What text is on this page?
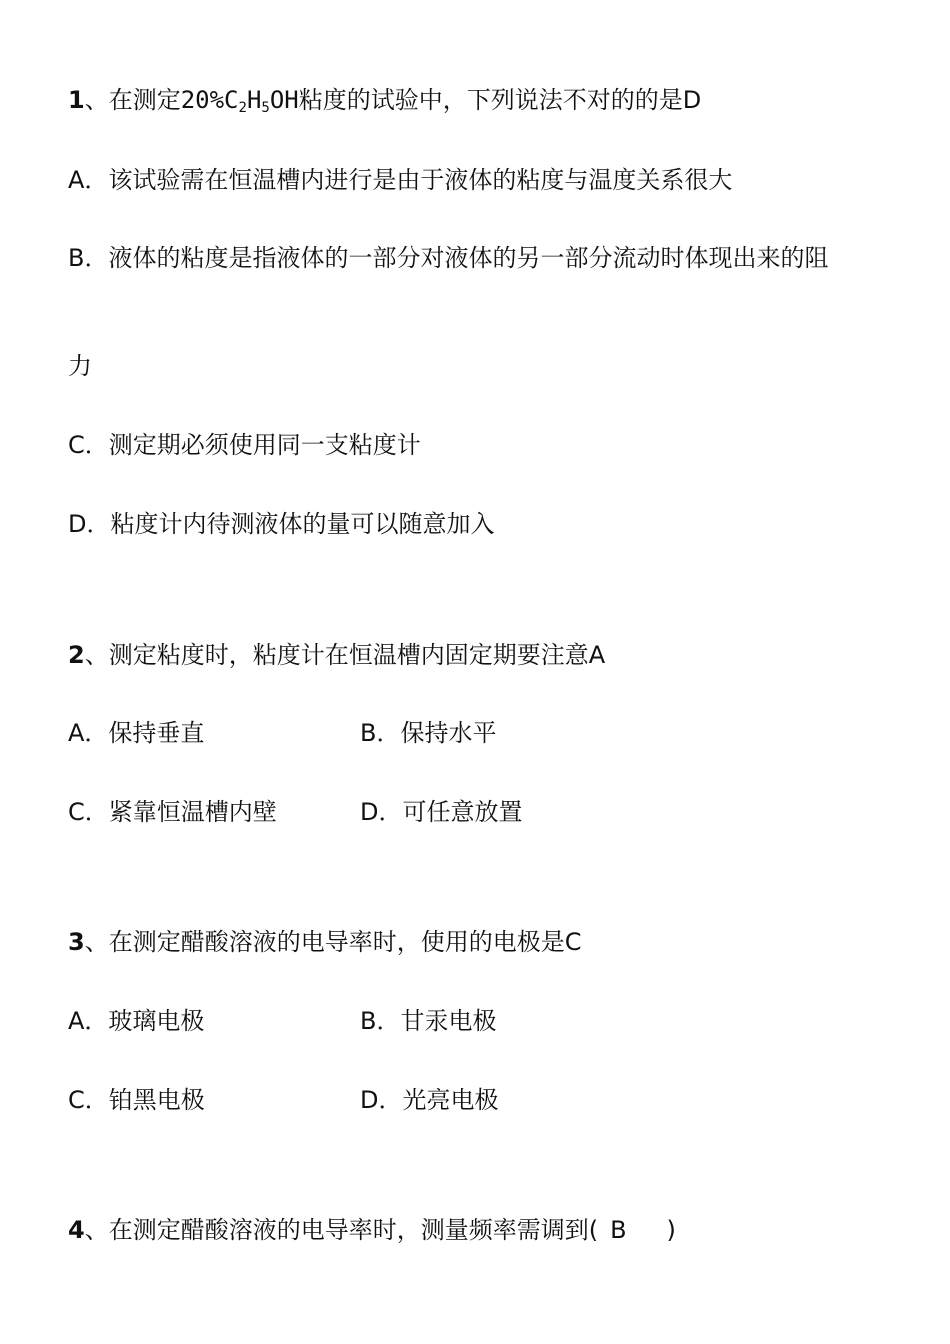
1、在测定$20\%C_2H_5OH$粘度的试验中，下列说法不对的的是D
A．该试验需在恒温槽内进行是由于液体的粘度与温度关系很大
B．液体的粘度是指液体的一部分对液体的另一部分流动时体现出来的阻
力
C．测定期必须使用同一支粘度计
D．粘度计内待测液体的量可以随意加入
2、测定粘度时，粘度计在恒温槽内固定期要注意A
A．保持垂直	B．保持水平
C．紧靠恒温槽内壁	D．可任意放置
3、在测定醋酸溶液的电导率时，使用的电极是C
A．玻璃电极	B．甘汞电极
C．铂黑电极	D．光亮电极
4、在测定醋酸溶液的电导率时，测量频率需调到( B )
